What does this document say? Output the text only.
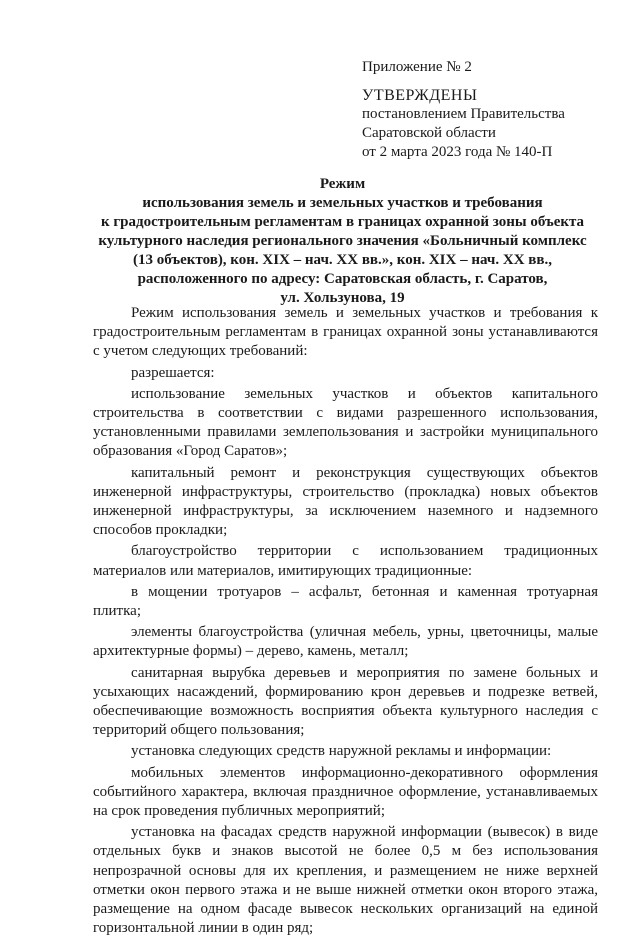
Приложение № 2
УТВЕРЖДЕНЫ
постановлением Правительства
Саратовской области
от 2 марта 2023 года № 140-П
Режим
использования земель и земельных участков и требования
к градостроительным регламентам в границах охранной зоны объекта
культурного наследия регионального значения «Больничный комплекс
(13 объектов), кон. XIX – нач. XX вв.», кон. XIX – нач. XX вв.,
расположенного по адресу: Саратовская область, г. Саратов,
ул. Хользунова, 19

Режим использования земель и земельных участков и требования к градостроительным регламентам в границах охранной зоны устанавливаются с учетом следующих требований:

разрешается:

использование земельных участков и объектов капитального строительства в соответствии с видами разрешенного использования, установленными правилами землепользования и застройки муниципального образования «Город Саратов»;

капитальный ремонт и реконструкция существующих объектов инженерной инфраструктуры, строительство (прокладка) новых объектов инженерной инфраструктуры, за исключением наземного и надземного способов прокладки;

благоустройство территории с использованием традиционных материалов или материалов, имитирующих традиционные:

в мощении тротуаров – асфальт, бетонная и каменная тротуарная плитка;

элементы благоустройства (уличная мебель, урны, цветочницы, малые архитектурные формы) – дерево, камень, металл;

санитарная вырубка деревьев и мероприятия по замене больных и усыхающих насаждений, формированию крон деревьев и подрезке ветвей, обеспечивающие возможность восприятия объекта культурного наследия с территорий общего пользования;

установка следующих средств наружной рекламы и информации:

мобильных элементов информационно-декоративного оформления событийного характера, включая праздничное оформление, устанавливаемых на срок проведения публичных мероприятий;

установка на фасадах средств наружной информации (вывесок) в виде отдельных букв и знаков высотой не более 0,5 м без использования непрозрачной основы для их крепления, и размещением не ниже верхней отметки окон первого этажа и не выше нижней отметки окон второго этажа, размещение на одном фасаде вывесок нескольких организаций на единой горизонтальной линии в один ряд;
